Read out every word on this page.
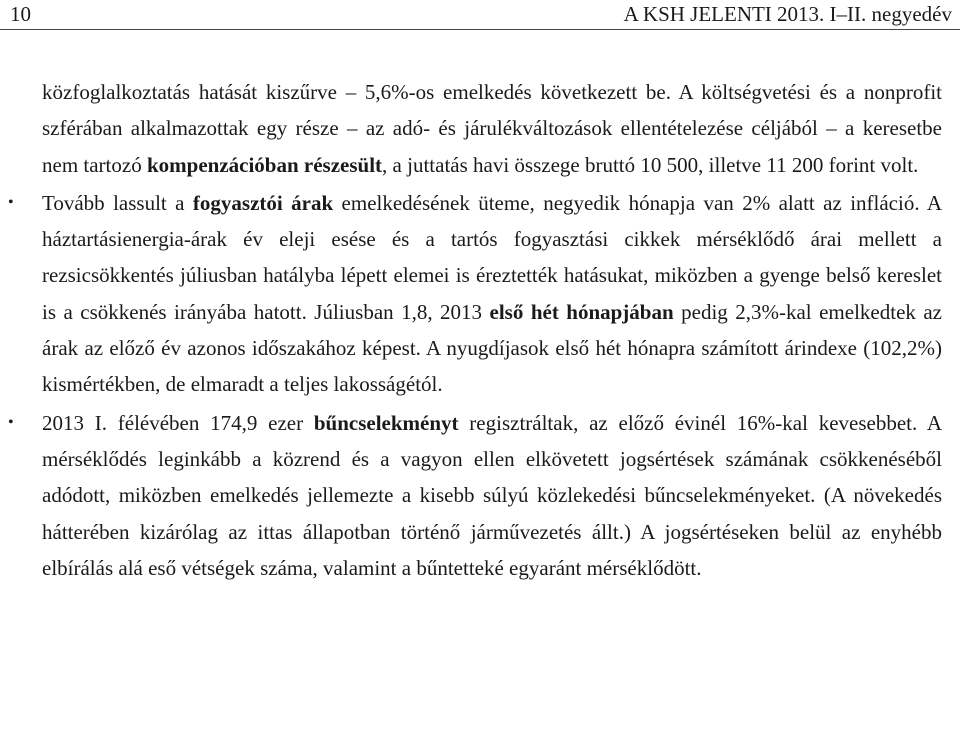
10	A KSH JELENTI 2013. I–II. negyedév

közfoglalkoztatás hatását kiszűrve – 5,6%-os emelkedés következett be. A költségvetési és a nonprofit szférában alkalmazottak egy része – az adó- és járulékváltozások ellentételezése céljából – a keresetbe nem tartozó kompenzációban részesült, a juttatás havi összege bruttó 10 500, illetve 11 200 forint volt.

• Tovább lassult a fogyasztói árak emelkedésének üteme, negyedik hónapja van 2% alatt az infláció. A háztartásienergia-árak év eleji esése és a tartós fogyasztási cikkek mérséklődő árai mellett a rezsicsökkentés júliusban hatályba lépett elemei is éreztették hatásukat, miközben a gyenge belső kereslet is a csökkenés irányába hatott. Júliusban 1,8, 2013 első hét hónapjában pedig 2,3%-kal emelkedtek az árak az előző év azonos időszakához képest. A nyugdíjasok első hét hónapra számított árindexe (102,2%) kismértékben, de elmaradt a teljes lakosságétól.

• 2013 I. félévében 174,9 ezer bűncselekményt regisztráltak, az előző évinél 16%-kal kevesebbet. A mérséklődés leginkább a közrend és a vagyon ellen elkövetett jogsértések számának csökkenéséből adódott, miközben emelkedés jellemezte a kisebb súlyú közlekedési bűncselekményeket. (A növekedés hátterében kizárólag az ittas állapotban történő járművezetés állt.) A jogsértéseken belül az enyhébb elbírálás alá eső vétségek száma, valamint a bűntetteké egyaránt mérséklődött.
